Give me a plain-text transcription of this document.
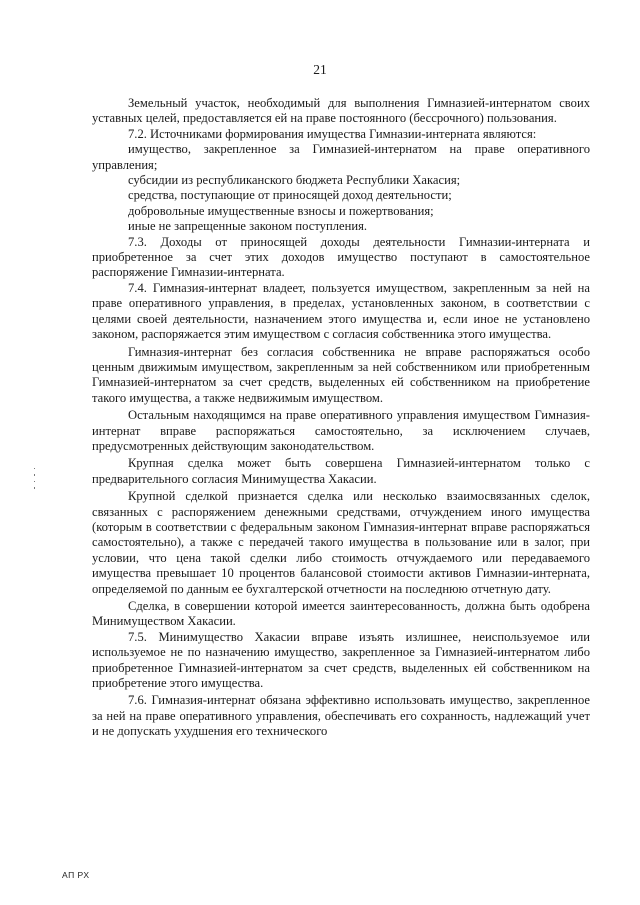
21

Земельный участок, необходимый для выполнения Гимназией-интернатом своих уставных целей, предоставляется ей на праве постоянного (бессрочного) пользования.

7.2. Источниками формирования имущества Гимназии-интерната являются:

имущество, закрепленное за Гимназией-интернатом на праве оперативного управления;

субсидии из республиканского бюджета Республики Хакасия;

средства, поступающие от приносящей доход деятельности;

добровольные имущественные взносы и пожертвования;

иные не запрещенные законом поступления.

7.3. Доходы от приносящей доходы деятельности Гимназии-интерната и приобретенное за счет этих доходов имущество поступают в самостоятельное распоряжение Гимназии-интерната.

7.4. Гимназия-интернат владеет, пользуется имуществом, закрепленным за ней на праве оперативного управления, в пределах, установленных законом, в соответствии с целями своей деятельности, назначением этого имущества и, если иное не установлено законом, распоряжается этим имуществом с согласия собственника этого имущества.

Гимназия-интернат без согласия собственника не вправе распоряжаться особо ценным движимым имуществом, закрепленным за ней собственником или приобретенным Гимназией-интернатом за счет средств, выделенных ей собственником на приобретение такого имущества, а также недвижимым имуществом.

Остальным находящимся на праве оперативного управления имуществом Гимназия-интернат вправе распоряжаться самостоятельно, за исключением случаев, предусмотренных действующим законодательством.

Крупная сделка может быть совершена Гимназией-интернатом только с предварительного согласия Минимущества Хакасии.

Крупной сделкой признается сделка или несколько взаимосвязанных сделок, связанных с распоряжением денежными средствами, отчуждением иного имущества (которым в соответствии с федеральным законом Гимназия-интернат вправе распоряжаться самостоятельно), а также с передачей такого имущества в пользование или в залог, при условии, что цена такой сделки либо стоимость отчуждаемого или передаваемого имущества превышает 10 процентов балансовой стоимости активов Гимназии-интерната, определяемой по данным ее бухгалтерской отчетности на последнюю отчетную дату.

Сделка, в совершении которой имеется заинтересованность, должна быть одобрена Минимуществом Хакасии.

7.5. Минимущество Хакасии вправе изъять излишнее, неиспользуемое или используемое не по назначению имущество, закрепленное за Гимназией-интернатом либо приобретенное Гимназией-интернатом за счет средств, выделенных ей собственником на приобретение этого имущества.

7.6. Гимназия-интернат обязана эффективно использовать имущество, закрепленное за ней на праве оперативного управления, обеспечивать его сохранность, надлежащий учет и не допускать ухудшения его технического

АП РХ
